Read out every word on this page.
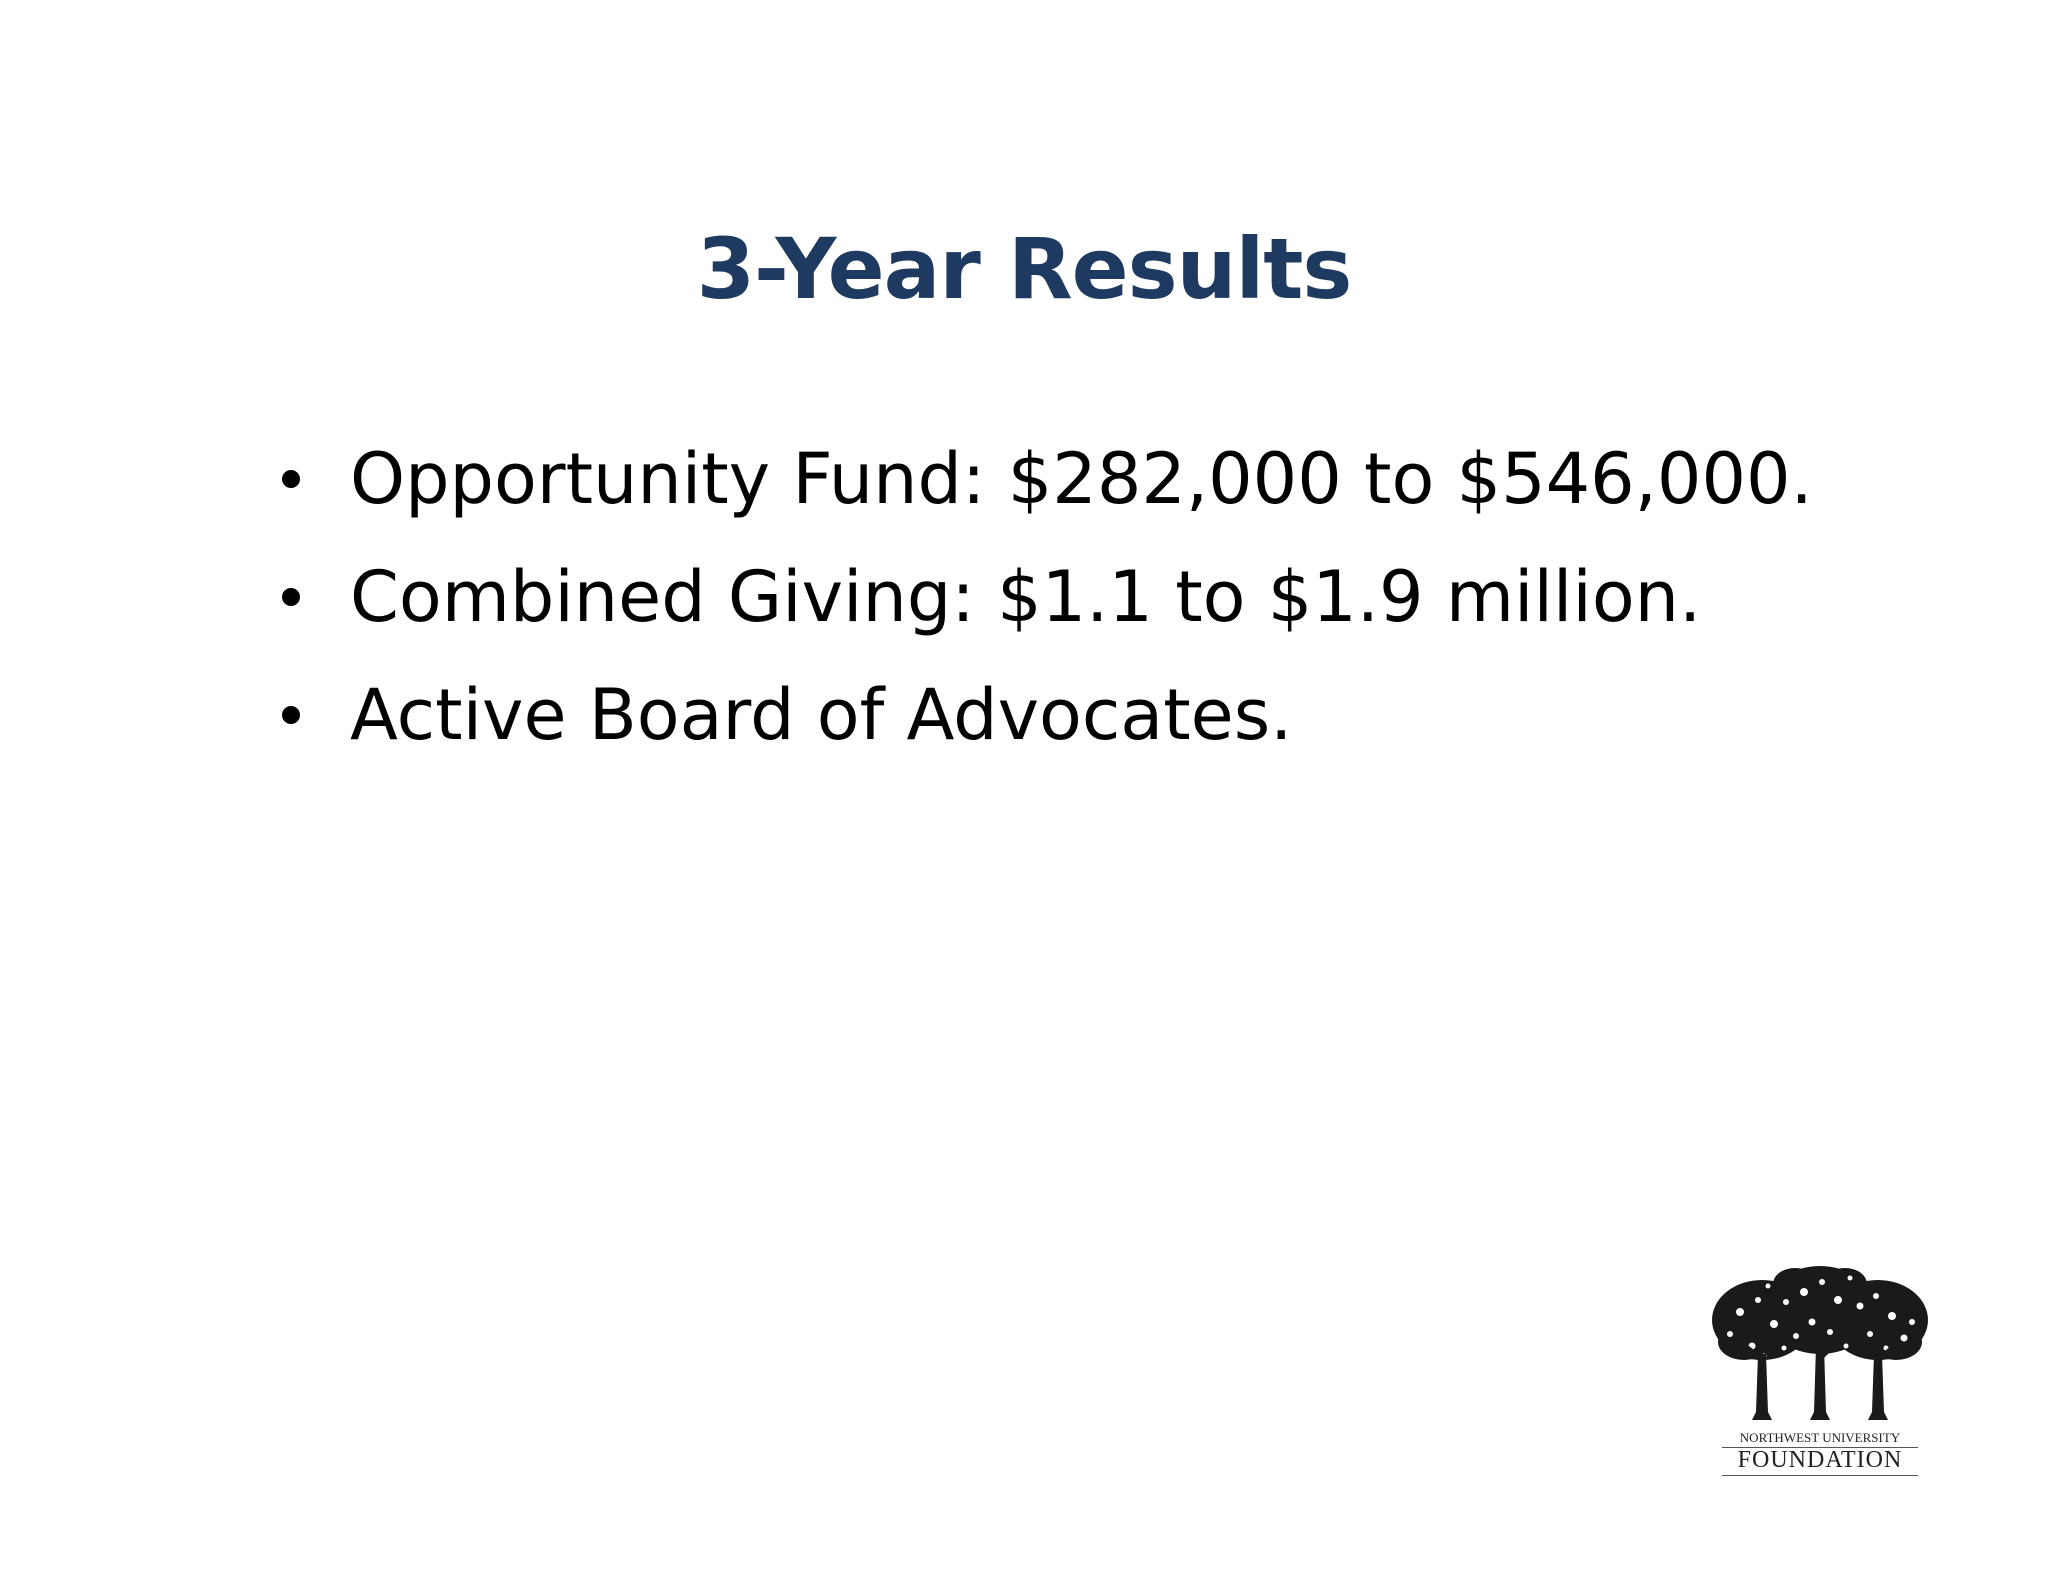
3-Year Results
Opportunity Fund: $282,000 to $546,000.
Combined Giving: $1.1 to $1.9 million.
Active Board of Advocates.
NORTHWEST UNIVERSITY
FOUNDATION
